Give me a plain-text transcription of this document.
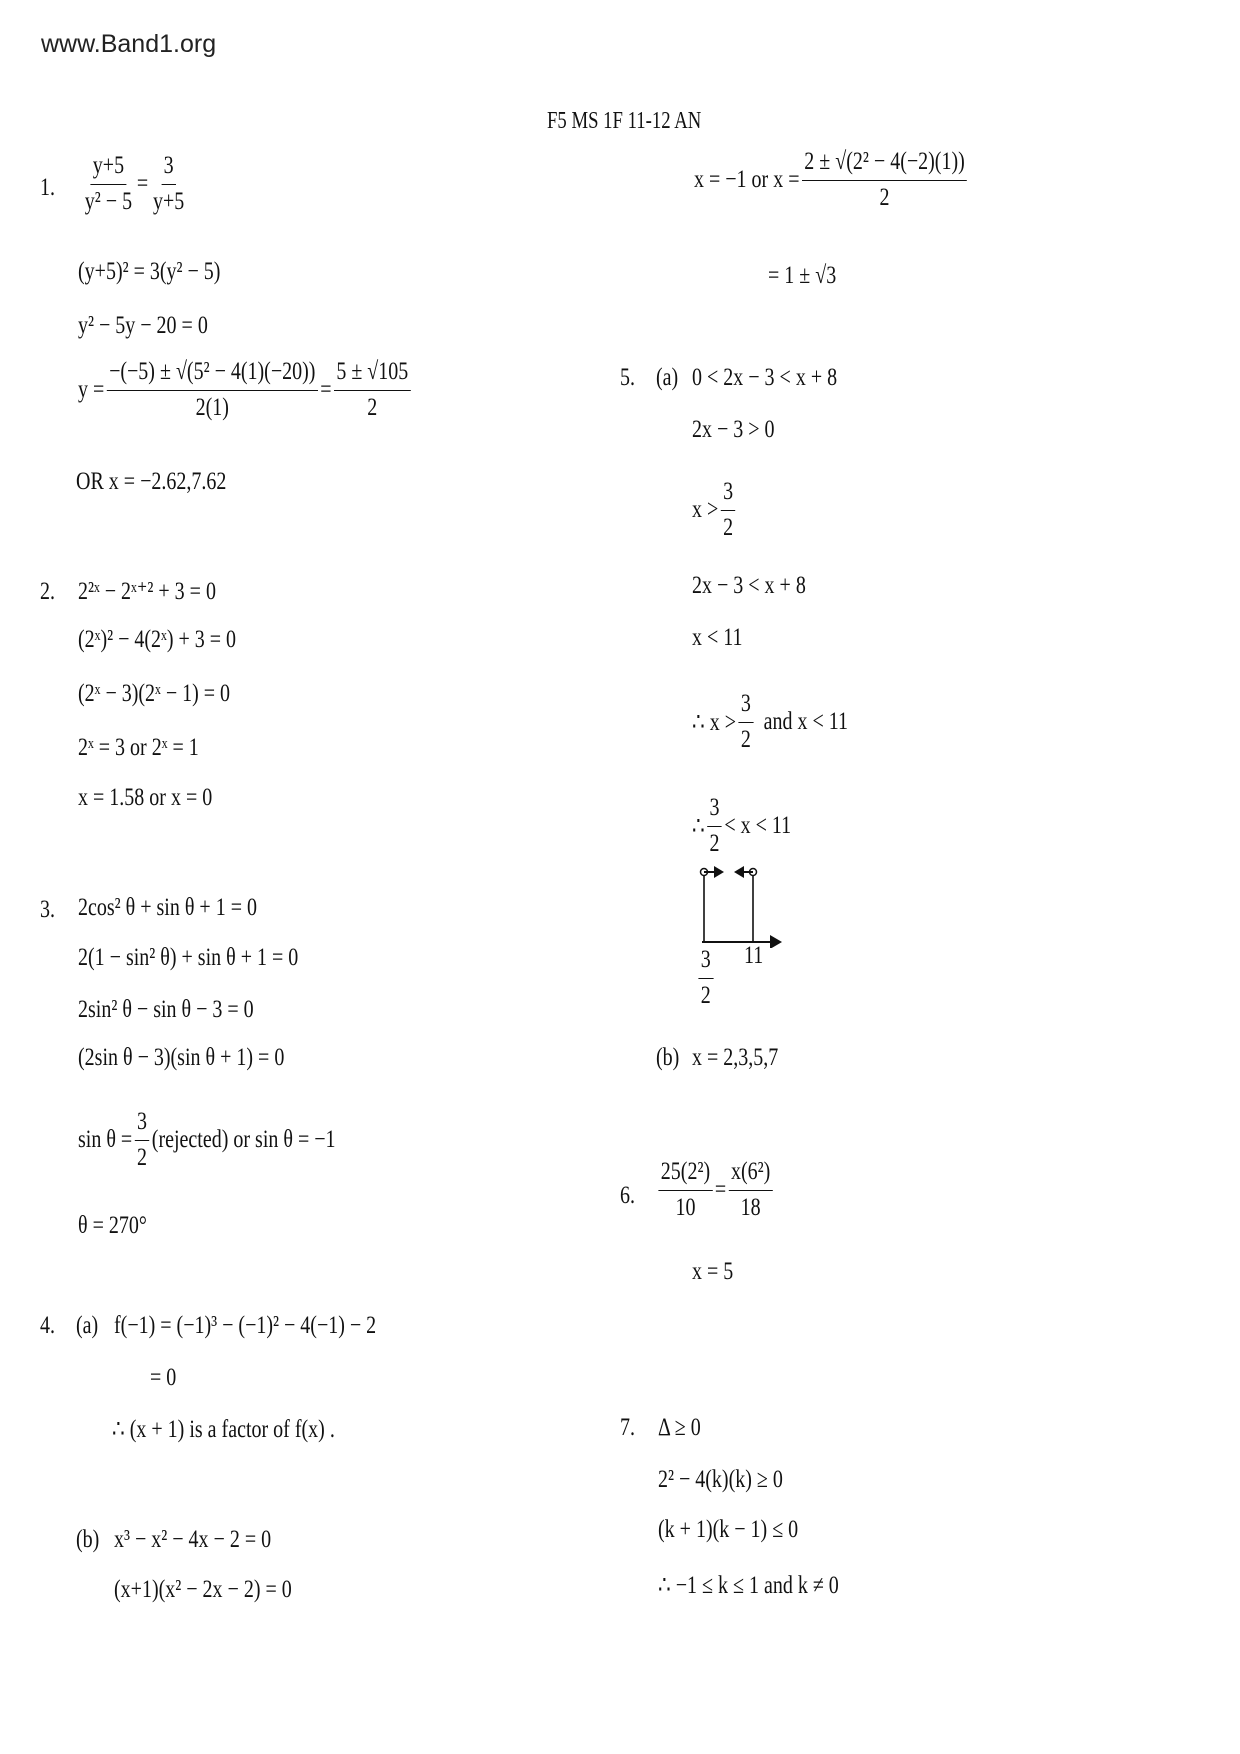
www.Band1.org
F5 MS 1F 11-12 AN
1. $\frac{y+5}{\text{y² − 5}} = \frac{3}{y+5}$
(y+5)² = 3(y² − 5)
y² − 5y − 20 = 0
$y = \frac{\text{−(−5) ± √(5² − 4(1)(−20))}}{2(1)} = \frac{5 \pm √105}{2}$
OR x = −2.62,7.62
2. 2²ˣ − 2ˣ⁺² + 3 = 0
(2ˣ)² − 4(2ˣ) + 3 = 0
(2ˣ − 3)(2ˣ − 1) = 0
2ˣ = 3 or 2ˣ = 1
x = 1.58 or x = 0
3. 2cos² θ + sin θ + 1 = 0
2(1 − sin² θ) + sin θ + 1 = 0
2sin² θ − sin θ − 3 = 0
(2sin θ − 3)(sin θ + 1) = 0
$\sin \theta = \frac{3}{2}$ (rejected) or sin θ = −1
θ = 270°
4. (a) f(−1) = (−1)³ − (−1)² − 4(−1) − 2
= 0
∴ (x + 1) is a factor of f(x) .
(b) x³ − x² − 4x − 2 = 0
(x+1)(x² − 2x − 2) = 0
x = −1 or $x = \frac{\text{2 ± √(2² − 4(−2)(1))}}{2}$
= 1 ± √3
5. (a) 0 < 2x − 3 < x + 8
2x − 3 > 0
$x > \frac{3}{2}$
2x − 3 < x + 8
x < 11
∴ $x > \frac{3}{2}$ and x < 11
∴ $\frac{3}{2} < x < 11$
$\frac{3}{2} 11$
(b) x = 2,3,5,7
6. $\frac{\text{25(2²)}}{10} = \frac{\text{x(6²)}}{18}$
x = 5
7. Δ ≥ 0
2² − 4(k)(k) ≥ 0
(k + 1)(k − 1) ≤ 0
∴ −1 ≤ k ≤ 1 and k ≠ 0
